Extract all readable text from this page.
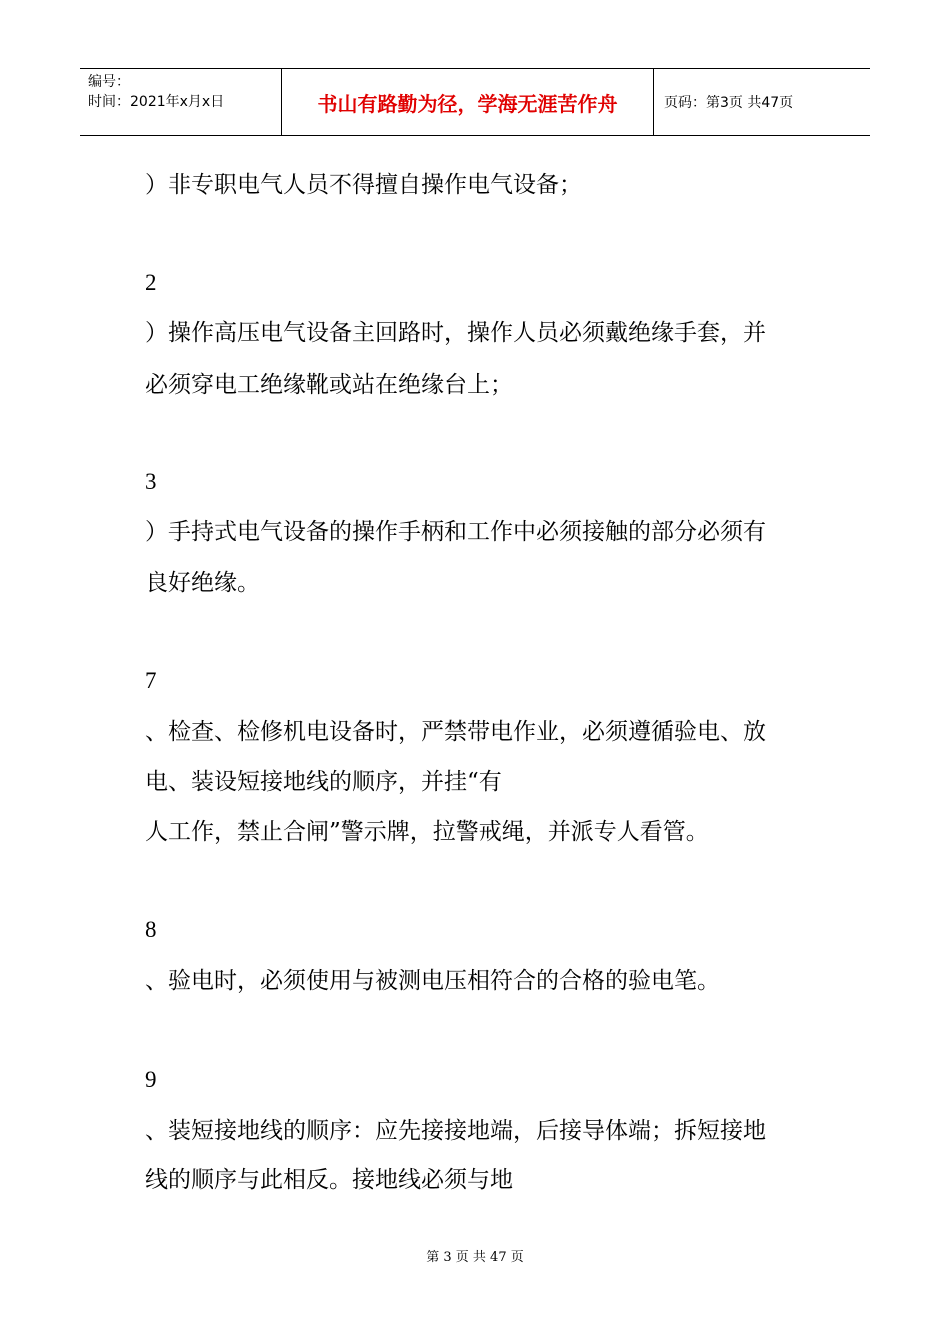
编号：
时间：2021年x月x日	书山有路勤为径，学海无涯苦作舟	页码：第3页 共47页
）非专职电气人员不得擅自操作电气设备；
2
）操作高压电气设备主回路时，操作人员必须戴绝缘手套，并
必须穿电工绝缘靴或站在绝缘台上；
3
）手持式电气设备的操作手柄和工作中必须接触的部分必须有
良好绝缘。
7
、检查、检修机电设备时，严禁带电作业，必须遵循验电、放
电、装设短接地线的顺序，并挂“有
人工作，禁止合闸”警示牌，拉警戒绳，并派专人看管。
8
、验电时，必须使用与被测电压相符合的合格的验电笔。
9
、装短接地线的顺序：应先接接地端，后接导体端；拆短接地
线的顺序与此相反。接地线必须与地
第 3 页 共 47 页
